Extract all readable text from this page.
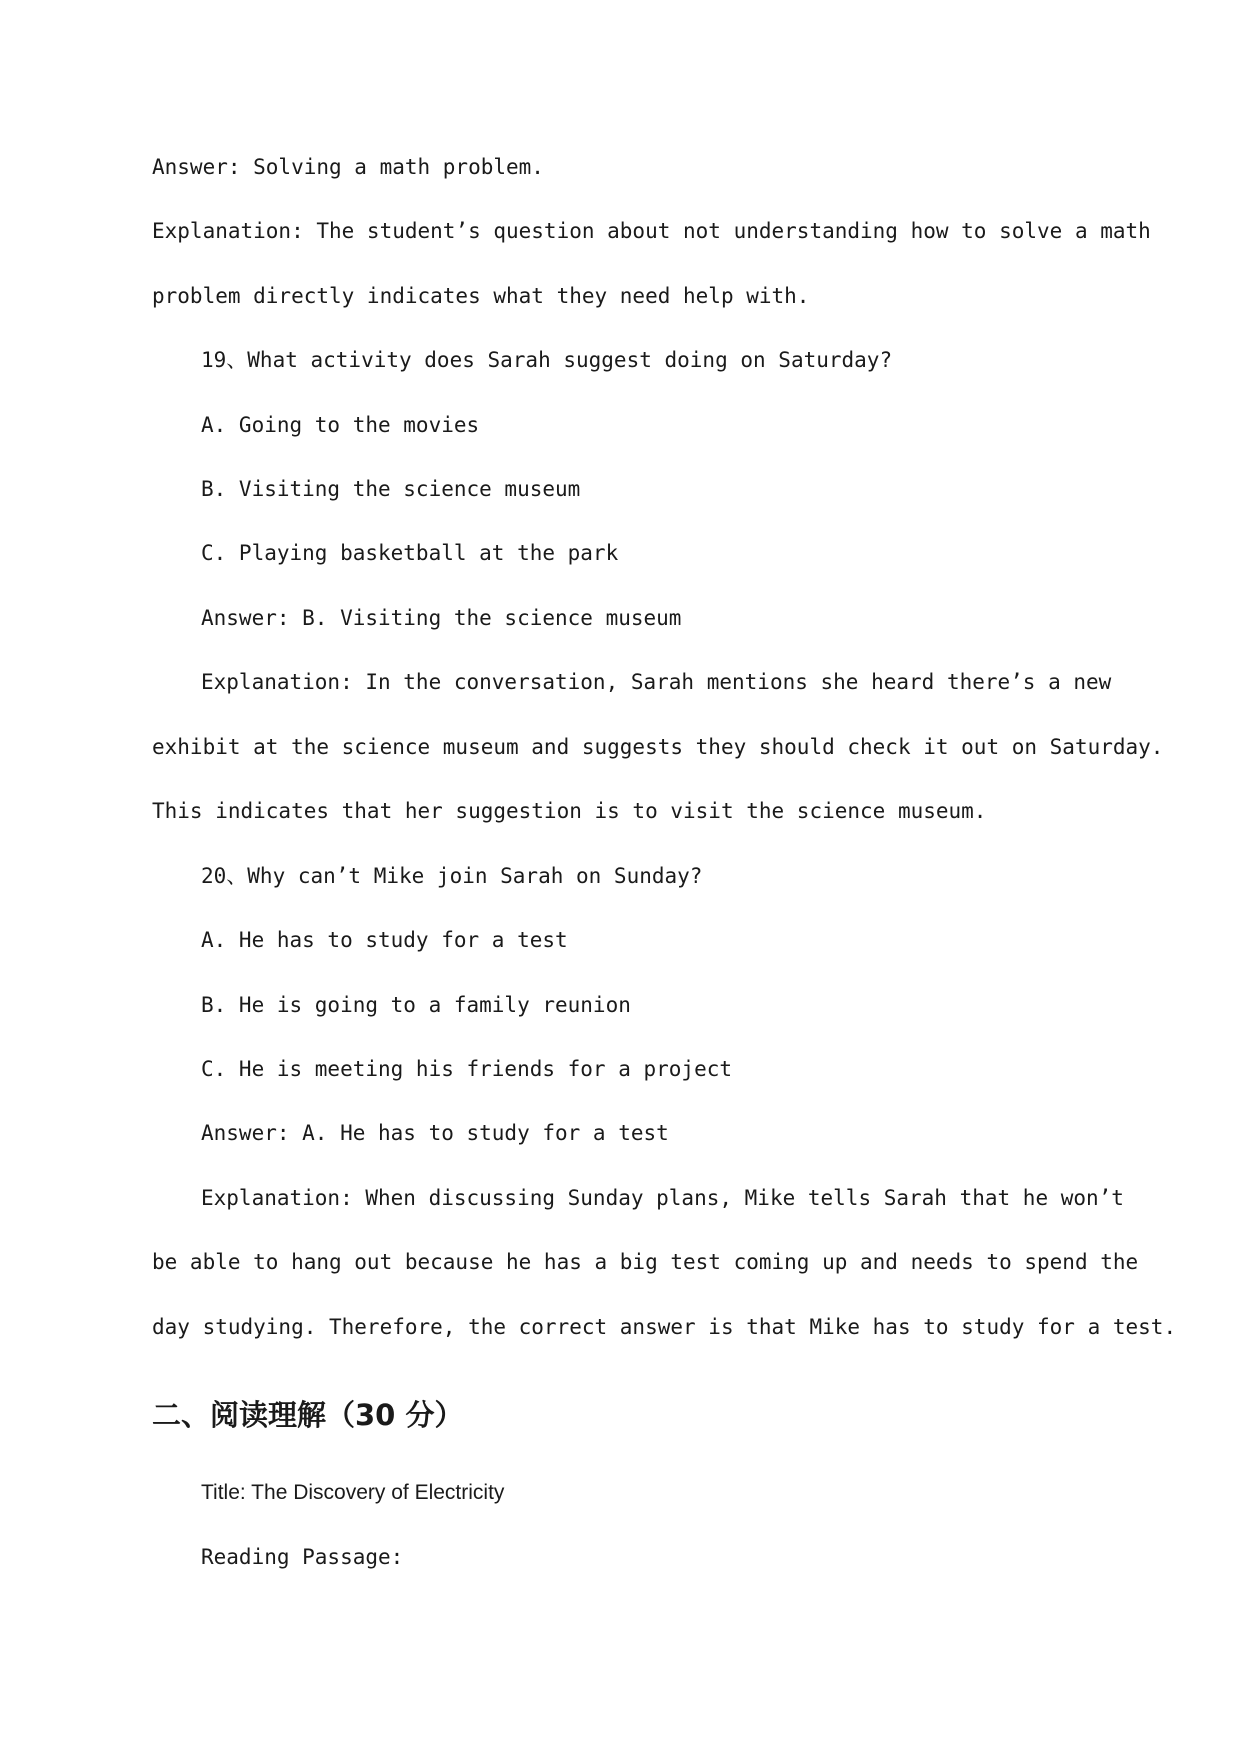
Answer: Solving a math problem.
Explanation: The student’s question about not understanding how to solve a math
problem directly indicates what they need help with.
19、What activity does Sarah suggest doing on Saturday?
A. Going to the movies
B. Visiting the science museum
C. Playing basketball at the park
Answer: B. Visiting the science museum
Explanation: In the conversation, Sarah mentions she heard there’s a new
exhibit at the science museum and suggests they should check it out on Saturday.
This indicates that her suggestion is to visit the science museum.
20、Why can’t Mike join Sarah on Sunday?
A. He has to study for a test
B. He is going to a family reunion
C. He is meeting his friends for a project
Answer: A. He has to study for a test
Explanation: When discussing Sunday plans, Mike tells Sarah that he won’t
be able to hang out because he has a big test coming up and needs to spend the
day studying. Therefore, the correct answer is that Mike has to study for a test.
二、阅读理解（30 分）
Title: The Discovery of Electricity
Reading Passage:
